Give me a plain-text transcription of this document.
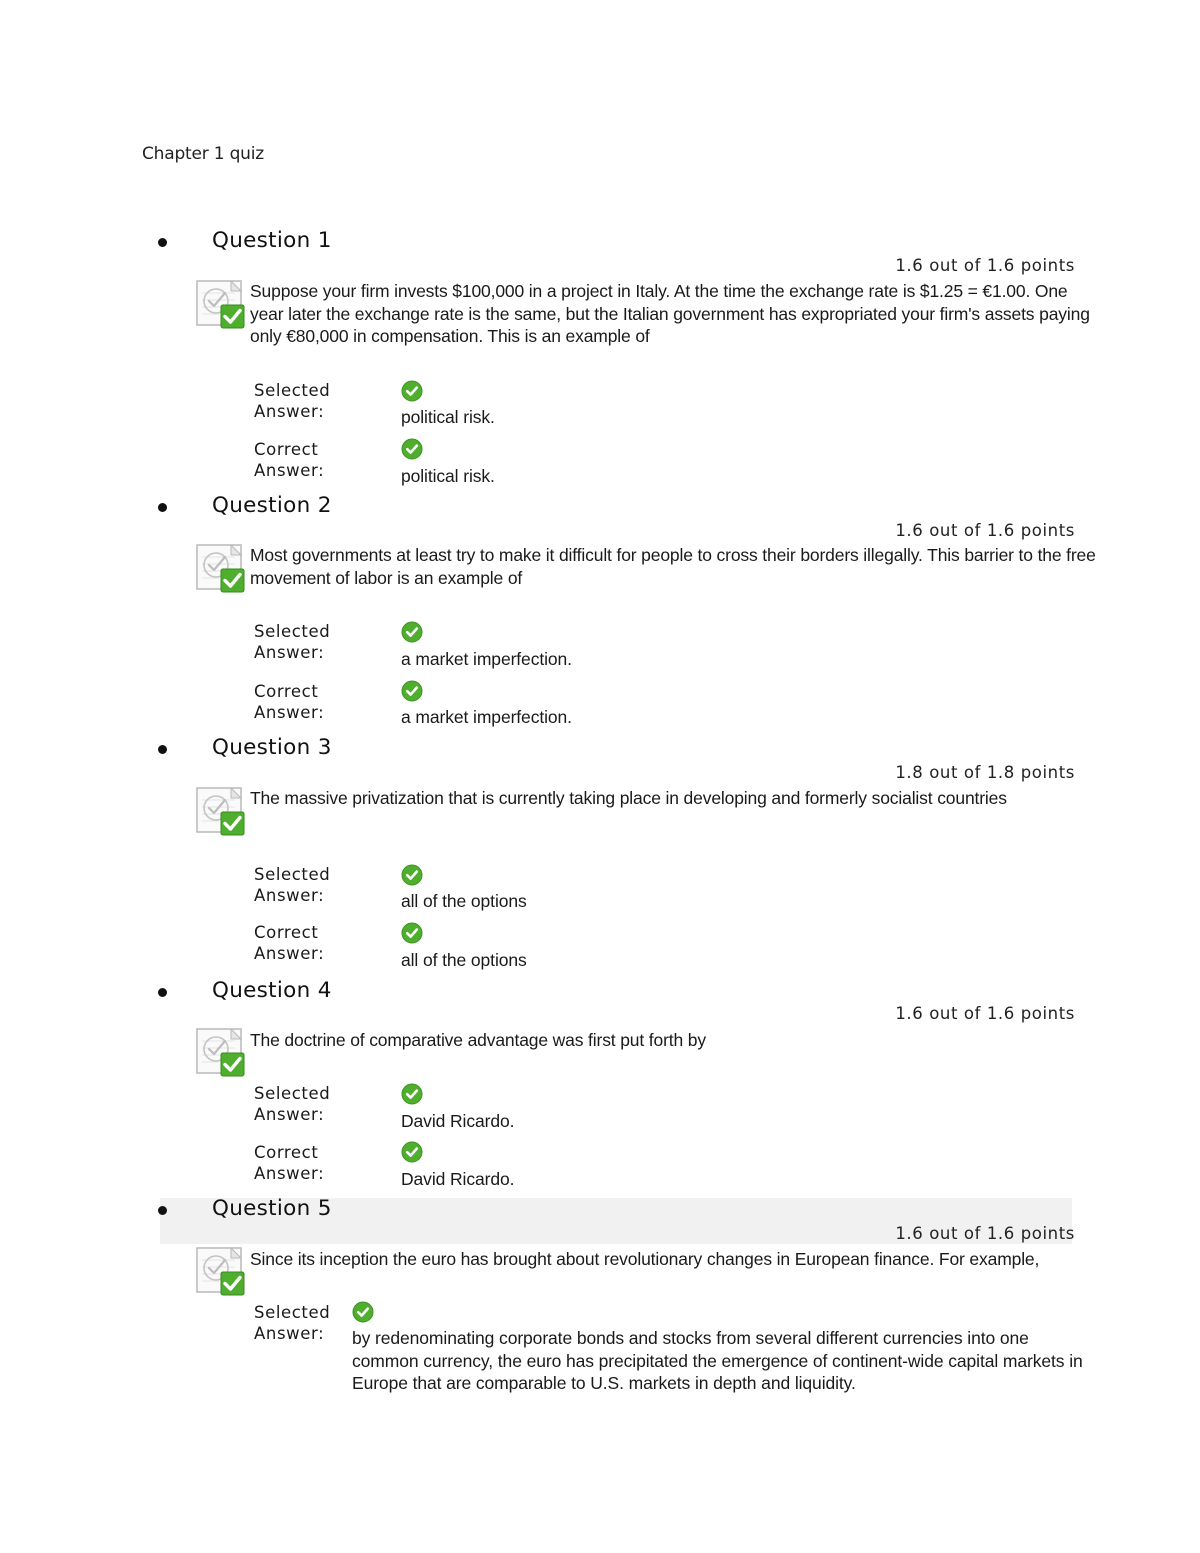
Chapter 1 quiz
Question 1
1.6 out of 1.6 points
Suppose your firm invests $100,000 in a project in Italy. At the time the exchange rate is $1.25 = €1.00. One year later the exchange rate is the same, but the Italian government has expropriated your firm's assets paying only €80,000 in compensation. This is an example of
Selected
Answer:	political risk.
Correct
Answer:	political risk.
Question 2
1.6 out of 1.6 points
Most governments at least try to make it difficult for people to cross their borders illegally. This barrier to the free movement of labor is an example of
Selected
Answer:	a market imperfection.
Correct
Answer:	a market imperfection.
Question 3
1.8 out of 1.8 points
The massive privatization that is currently taking place in developing and formerly socialist countries
Selected
Answer:	all of the options
Correct
Answer:	all of the options
Question 4
1.6 out of 1.6 points
The doctrine of comparative advantage was first put forth by
Selected
Answer:	David Ricardo.
Correct
Answer:	David Ricardo.
Question 5
1.6 out of 1.6 points
Since its inception the euro has brought about revolutionary changes in European finance. For example,
Selected
Answer:	by redenominating corporate bonds and stocks from several different currencies into one common currency, the euro has precipitated the emergence of continent-wide capital markets in Europe that are comparable to U.S. markets in depth and liquidity.
